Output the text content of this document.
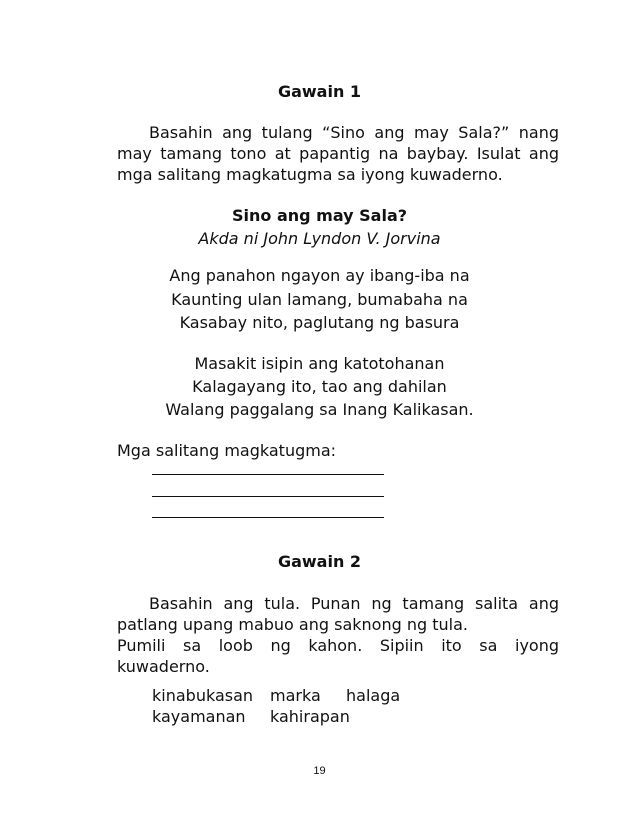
Gawain 1
Basahin ang tulang “Sino ang may Sala?” nang
may tamang tono at papantig na baybay. Isulat ang
mga salitang magkatugma sa iyong kuwaderno.
Sino ang may Sala?
Akda ni John Lyndon V. Jorvina
Ang panahon ngayon ay ibang-iba na
Kaunting ulan lamang, bumabaha na
Kasabay nito, paglutang ng basura
Masakit isipin ang katotohanan
Kalagayang ito, tao ang dahilan
Walang paggalang sa Inang Kalikasan.
Mga salitang magkatugma:
Gawain 2
Basahin ang tula. Punan ng tamang salita ang
patlang upang mabuo ang saknong ng tula.
Pumili sa loob ng kahon. Sipiin ito sa iyong
kuwaderno.
kinabukasan marka halaga
kayamanan kahirapan
19
